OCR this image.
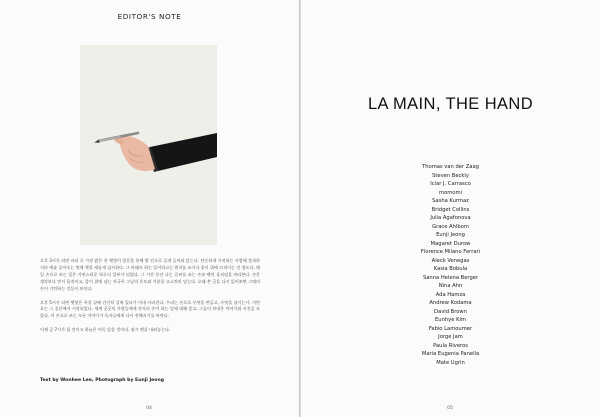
EDITOR'S NOTE

오후 3시가 되면 파리 중 가장 밝은 한 햇빛이 창문을 통해 방 안으로 길게 들어와 앉는다. 단순하게 시작하는 사람에 불과한지라 예술 들어오는 빛에 책상 새롭게 감사한다. 그 아래서 하는 일이라고는 편지를 쓰거나 종이 위에 끄적이는 것 정도다. 매일 손으로 쓰는 일은 자연스러운 하루의 일부가 되었다. 그 시간 동안 나는 글씨를 쓰는 손과 펜의 움직임을 바라본다. 손은 생각보다 먼저 움직이고, 종이 위에 남는 자국은 그날의 온도와 기분을 고스란히 담는다. 오래 쓴 글을 다시 읽어보면 그때의 손이 기억하는 것들이 보인다.

오후 5시가 되면 햇빛은 옥상 끝에 간신히 걸쳐 있다가 이내 사라진다. 우리는 손으로 무엇을 만들고, 무엇을 남기는가. 이번 호는 그 질문에서 시작되었다. 세계 곳곳의 사람들에게 각자의 손이 하는 일에 대해 묻고, 그들이 보내온 이야기와 사진을 모았다. 이 손으로 쓰는 모든 이야기가 독자들에게 다시 전해지기를 바란다.

이제 곧 7시가 될 것이고 하늘은 어둑 앉을 것이다. 잠시 펜을 내려놓는다.

Text by Wonhee Lee, Photograph by Eunji Jeong
04
LA MAIN, THE HAND
Thomas van der Zaag
Steven Beckly
Iciar J. Carrasco
momomi
Sasha Kurmaz
Bridget Collins
Julia Agafonova
Grace Ahlbom
Eunji Jeong
Magaret Durow
Florence Milano Ferrari
Aleck Venegas
Kasia Bobula
Sanna Helena Berger
Nina Ahn
Ada Hamza
Andrew Kodama
David Brown
Eunhye Kim
Fabio Lamoumer
Jorge Jam
Paula Riveros
Maria Eugenia Panella
Mate Ugrin
05
